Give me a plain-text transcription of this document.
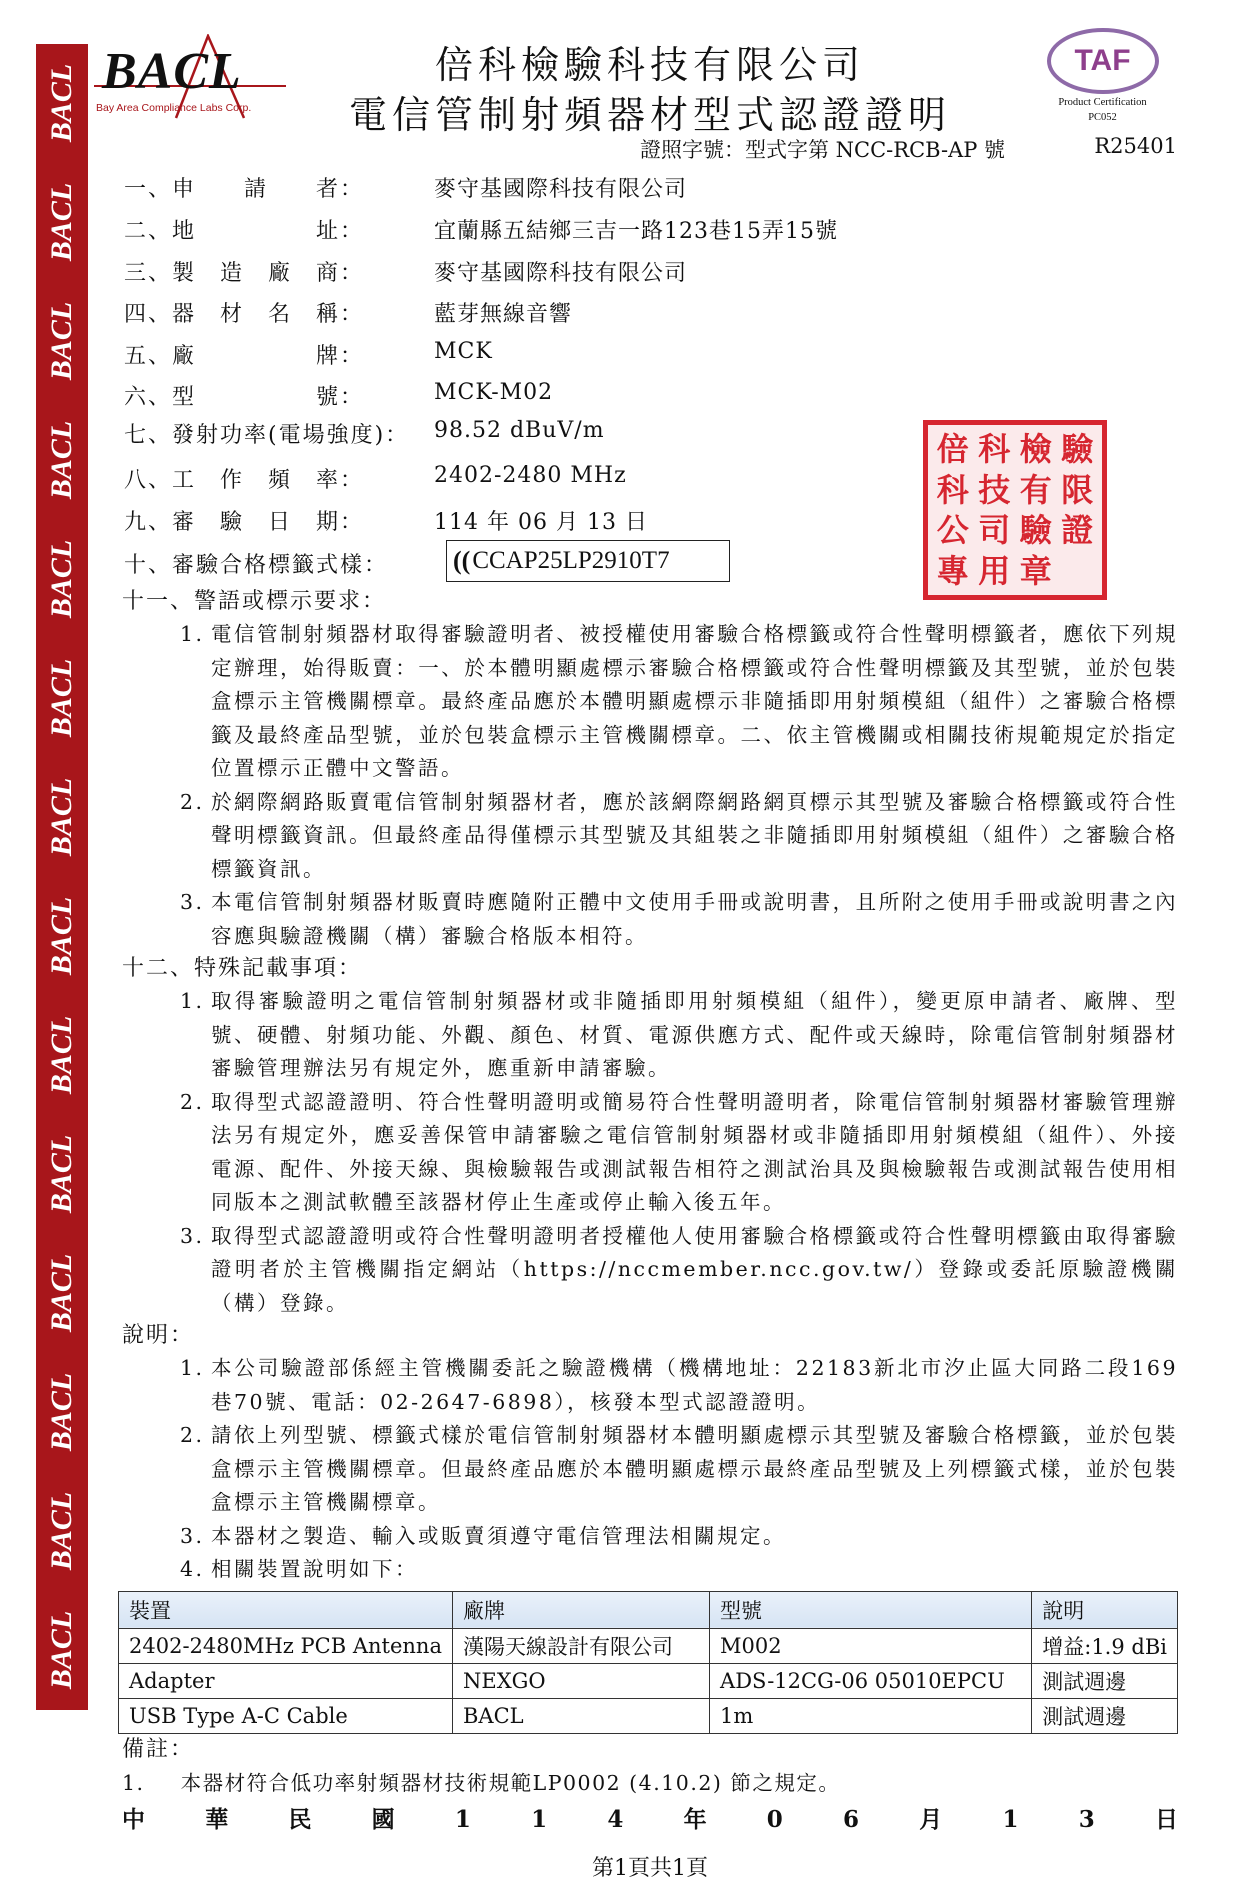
BACL
BACL
BACL
BACL
BACL
BACL
BACL
BACL
BACL
BACL
BACL
BACL
BACL
BACL
BACL
Bay Area Compliance Labs Corp.
倍科檢驗科技有限公司
電信管制射頻器材型式認證證明
TAF
Product Certification
PC052
證照字號：型式字第 NCC-RCB-AP 號	R25401
一、申　　請　　者：	麥守基國際科技有限公司
二、地　　　　　址：	宜蘭縣五結鄉三吉一路123巷15弄15號
三、製　造　廠　商：	麥守基國際科技有限公司
四、器　材　名　稱：	藍芽無線音響
五、廠　　　　　牌：	MCK
六、型　　　　　號：	MCK-M02
七、發射功率(電場強度)： 98.52 dBuV/m
八、工　作　頻　率：	2402-2480 MHz
九、審　驗　日　期：	114 年 06 月 13 日
十、審驗合格標籤式樣：	(( CCAP25LP2910T7
倍 科 檢 驗
科 技 有 限
公 司 驗 證
專 用 章

十一、警語或標示要求：
1. 電信管制射頻器材取得審驗證明者、被授權使用審驗合格標籤或符合性聲明標籤者，應依下列規定辦理，始得販賣：一、於本體明顯處標示審驗合格標籤或符合性聲明標籤及其型號，並於包裝盒標示主管機關標章。最終產品應於本體明顯處標示非隨插即用射頻模組（組件）之審驗合格標籤及最終產品型號，並於包裝盒標示主管機關標章。二、依主管機關或相關技術規範規定於指定位置標示正體中文警語。
2. 於網際網路販賣電信管制射頻器材者，應於該網際網路網頁標示其型號及審驗合格標籤或符合性聲明標籤資訊。但最終產品得僅標示其型號及其組裝之非隨插即用射頻模組（組件）之審驗合格標籤資訊。
3. 本電信管制射頻器材販賣時應隨附正體中文使用手冊或說明書，且所附之使用手冊或說明書之內容應與驗證機關（構）審驗合格版本相符。
十二、特殊記載事項：
1. 取得審驗證明之電信管制射頻器材或非隨插即用射頻模組（組件），變更原申請者、廠牌、型號、硬體、射頻功能、外觀、顏色、材質、電源供應方式、配件或天線時，除電信管制射頻器材審驗管理辦法另有規定外，應重新申請審驗。
2. 取得型式認證證明、符合性聲明證明或簡易符合性聲明證明者，除電信管制射頻器材審驗管理辦法另有規定外，應妥善保管申請審驗之電信管制射頻器材或非隨插即用射頻模組（組件）、外接電源、配件、外接天線、與檢驗報告或測試報告相符之測試治具及與檢驗報告或測試報告使用相同版本之測試軟體至該器材停止生產或停止輸入後五年。
3. 取得型式認證證明或符合性聲明證明者授權他人使用審驗合格標籤或符合性聲明標籤由取得審驗證明者於主管機關指定網站（https://nccmember.ncc.gov.tw/）登錄或委託原驗證機關（構）登錄。
說明：
1. 本公司驗證部係經主管機關委託之驗證機構（機構地址：22183新北市汐止區大同路二段169巷70號、電話：02-2647-6898），核發本型式認證證明。
2. 請依上列型號、標籤式樣於電信管制射頻器材本體明顯處標示其型號及審驗合格標籤，並於包裝盒標示主管機關標章。但最終產品應於本體明顯處標示最終產品型號及上列標籤式樣，並於包裝盒標示主管機關標章。
3. 本器材之製造、輸入或販賣須遵守電信管理法相關規定。
4. 相關裝置說明如下：
裝置	廠牌	型號	說明
2402-2480MHz PCB Antenna	漢陽天線設計有限公司	M002	增益:1.9 dBi
Adapter	NEXGO	ADS-12CG-06 05010EPCU	測試週邊
USB Type A-C Cable	BACL	1m	測試週邊
備註：
1. 本器材符合低功率射頻器材技術規範LP0002 (4.10.2) 節之規定。
中	華	民	國	1	1	4	年	0	6	月	1	3	日
第1頁共1頁
